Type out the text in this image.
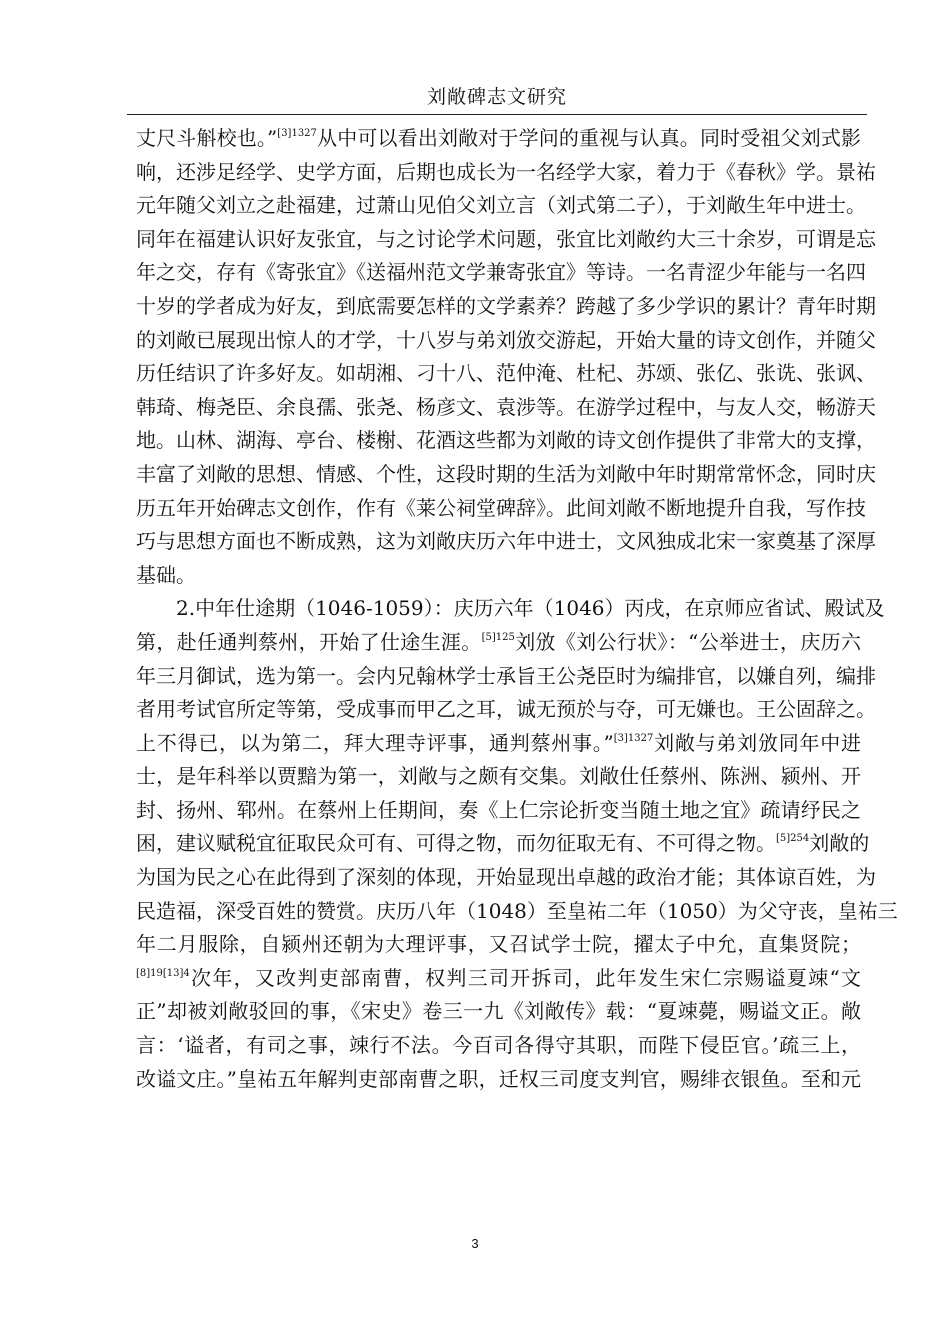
刘敞碑志文研究
丈尺斗斛校也。”$^{[3]1327}$从中可以看出刘敞对于学问的重视与认真。同时受祖父刘式影
响，还涉足经学、史学方面，后期也成长为一名经学大家，着力于《春秋》学。景祐
元年随父刘立之赴福建，过萧山见伯父刘立言（刘式第二子），于刘敞生年中进士。
同年在福建认识好友张宜，与之讨论学术问题，张宜比刘敞约大三十余岁，可谓是忘
年之交，存有《寄张宜》《送福州范文学兼寄张宜》等诗。一名青涩少年能与一名四
十岁的学者成为好友，到底需要怎样的文学素养？跨越了多少学识的累计？青年时期
的刘敞已展现出惊人的才学，十八岁与弟刘攽交游起，开始大量的诗文创作，并随父
历任结识了许多好友。如胡湘、刁十八、范仲淹、杜杞、苏颂、张亿、张诜、张讽、
韩琦、梅尧臣、余良孺、张尧、杨彦文、袁涉等。在游学过程中，与友人交，畅游天
地。山林、湖海、亭台、楼榭、花酒这些都为刘敞的诗文创作提供了非常大的支撑，
丰富了刘敞的思想、情感、个性，这段时期的生活为刘敞中年时期常常怀念，同时庆
历五年开始碑志文创作，作有《莱公祠堂碑辞》。此间刘敞不断地提升自我，写作技
巧与思想方面也不断成熟，这为刘敞庆历六年中进士，文风独成北宋一家奠基了深厚
基础。
2.中年仕途期（1046-1059）：庆历六年（1046）丙戌，在京师应省试、殿试及
第，赴任通判蔡州，开始了仕途生涯。$^{[5]125}$刘攽《刘公行状》：“公举进士，庆历六
年三月御试，选为第一。会内兄翰林学士承旨王公尧臣时为编排官，以嫌自列，编排
者用考试官所定等第，受成事而甲乙之耳，诚无预於与夺，可无嫌也。王公固辞之。
上不得已，以为第二，拜大理寺评事，通判蔡州事。”$^{[3]1327}$刘敞与弟刘攽同年中进
士，是年科举以贾黯为第一，刘敞与之颇有交集。刘敞仕任蔡州、陈洲、颍州、开
封、扬州、郓州。在蔡州上任期间，奏《上仁宗论折变当随土地之宜》疏请纾民之
困，建议赋税宜征取民众可有、可得之物，而勿征取无有、不可得之物。$^{[5]254}$刘敞的
为国为民之心在此得到了深刻的体现，开始显现出卓越的政治才能；其体谅百姓，为
民造福，深受百姓的赞赏。庆历八年（1048）至皇祐二年（1050）为父守丧，皇祐三
年二月服除，自颍州还朝为大理评事，又召试学士院，擢太子中允，直集贤院；
$^{[8]19[13]4}$次年，又改判吏部南曹，权判三司开拆司，此年发生宋仁宗赐谥夏竦“文
正”却被刘敞驳回的事，《宋史》卷三一九《刘敞传》载：“夏竦薨，赐谥文正。敞
言：‘谥者，有司之事，竦行不法。今百司各得守其职，而陛下侵臣官。’疏三上，
改谥文庄。”皇祐五年解判吏部南曹之职，迁权三司度支判官，赐绯衣银鱼。至和元
3
